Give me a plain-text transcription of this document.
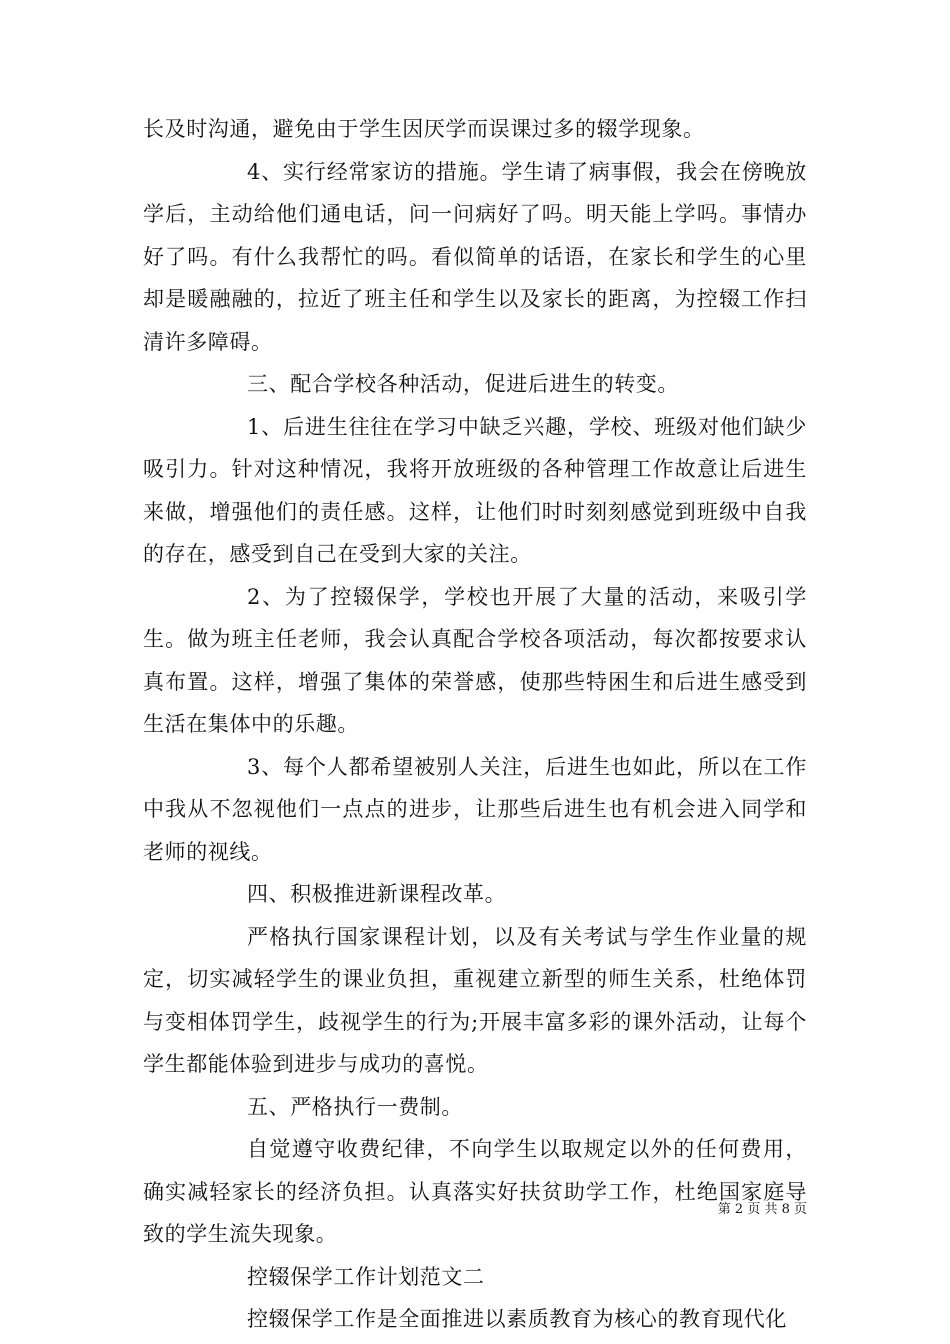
长及时沟通，避免由于学生因厌学而误课过多的辍学现象。

4、实行经常家访的措施。学生请了病事假，我会在傍晚放学后，主动给他们通电话，问一问病好了吗。明天能上学吗。事情办好了吗。有什么我帮忙的吗。看似简单的话语，在家长和学生的心里却是暖融融的，拉近了班主任和学生以及家长的距离，为控辍工作扫清许多障碍。

三、配合学校各种活动，促进后进生的转变。

1、后进生往往在学习中缺乏兴趣，学校、班级对他们缺少吸引力。针对这种情况，我将开放班级的各种管理工作故意让后进生来做，增强他们的责任感。这样，让他们时时刻刻感觉到班级中自我的存在，感受到自己在受到大家的关注。

2、为了控辍保学，学校也开展了大量的活动，来吸引学生。做为班主任老师，我会认真配合学校各项活动，每次都按要求认真布置。这样，增强了集体的荣誉感，使那些特困生和后进生感受到生活在集体中的乐趣。

3、每个人都希望被别人关注，后进生也如此，所以在工作中我从不忽视他们一点点的进步，让那些后进生也有机会进入同学和老师的视线。

四、积极推进新课程改革。

严格执行国家课程计划，以及有关考试与学生作业量的规定，切实减轻学生的课业负担，重视建立新型的师生关系，杜绝体罚与变相体罚学生，歧视学生的行为;开展丰富多彩的课外活动，让每个学生都能体验到进步与成功的喜悦。

五、严格执行一费制。

自觉遵守收费纪律，不向学生以取规定以外的任何费用，确实减轻家长的经济负担。认真落实好扶贫助学工作，杜绝国家庭导致的学生流失现象。

控辍保学工作计划范文二

控辍保学工作是全面推进以素质教育为核心的教育现代化

第 2 页 共 8 页
